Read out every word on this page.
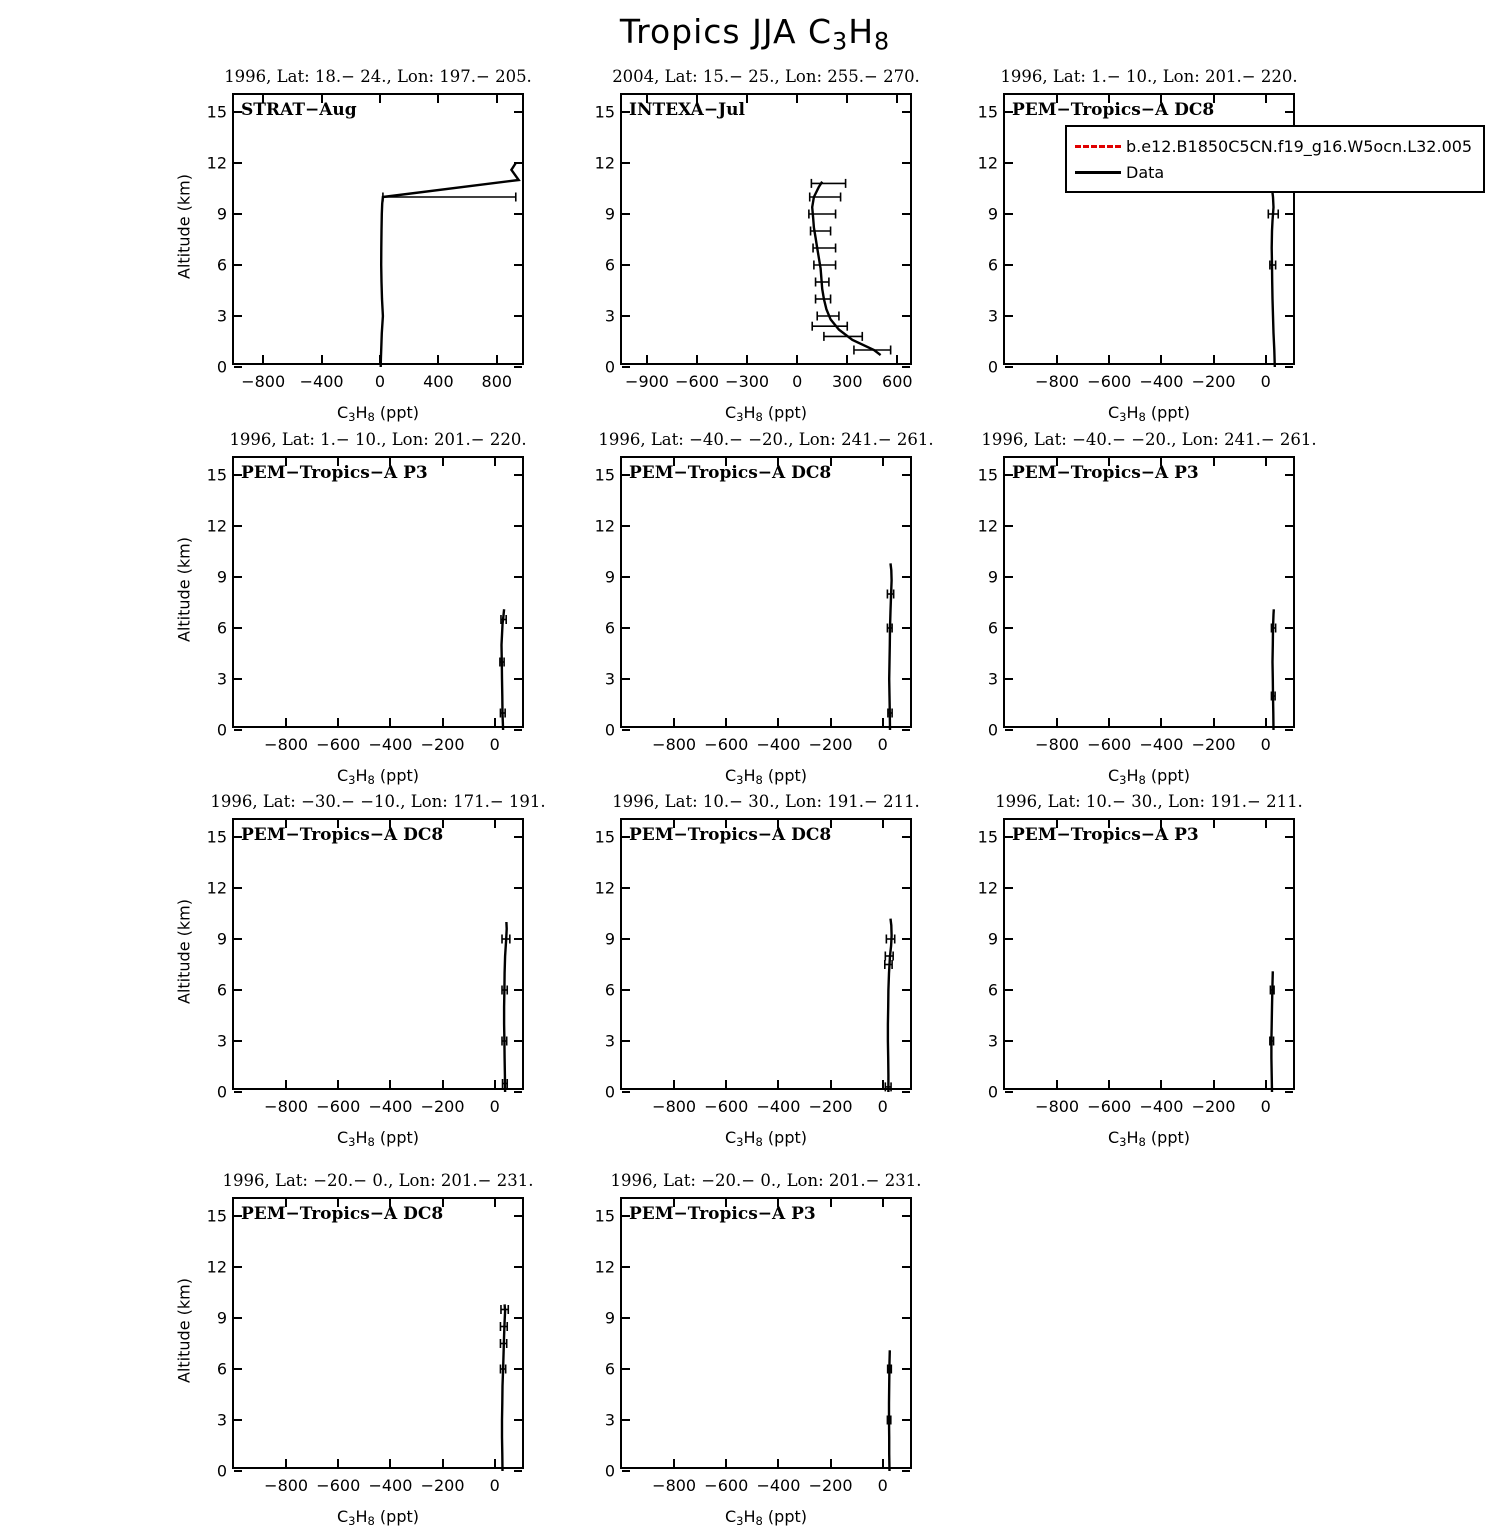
Tropics JJA $C_3H_8$
1996, Lat: 18.− 24., Lon: 197.− 205.
STRAT−Aug
0
3
6
9
12
15
−800 −400 0 400 800
Altitude (km)
$C_3H_8$ (ppt)
2004, Lat: 15.− 25., Lon: 255.− 270.
INTEXA−Jul
0
3
6
9
12
15
−900 −600 −300 0 300 600
$C_3H_8$ (ppt)
1996, Lat: 1.− 10., Lon: 201.− 220.
PEM−Tropics−A DC8
0
3
6
9
12
15
−800 −600 −400 −200 0
$C_3H_8$ (ppt)
b.e12.B1850C5CN.f19_g16.W5ocn.L32.005
Data
1996, Lat: 1.− 10., Lon: 201.− 220.
PEM−Tropics−A P3
0
3
6
9
12
15
−800 −600 −400 −200 0
Altitude (km)
$C_3H_8$ (ppt)
1996, Lat: −40.− −20., Lon: 241.− 261.
PEM−Tropics−A DC8
0
3
6
9
12
15
−800 −600 −400 −200 0
$C_3H_8$ (ppt)
1996, Lat: −40.− −20., Lon: 241.− 261.
PEM−Tropics−A P3
0
3
6
9
12
15
−800 −600 −400 −200 0
$C_3H_8$ (ppt)
1996, Lat: −30.− −10., Lon: 171.− 191.
PEM−Tropics−A DC8
0
3
6
9
12
15
−800 −600 −400 −200 0
Altitude (km)
$C_3H_8$ (ppt)
1996, Lat: 10.− 30., Lon: 191.− 211.
PEM−Tropics−A DC8
0
3
6
9
12
15
−800 −600 −400 −200 0
$C_3H_8$ (ppt)
1996, Lat: 10.− 30., Lon: 191.− 211.
PEM−Tropics−A P3
0
3
6
9
12
15
−800 −600 −400 −200 0
$C_3H_8$ (ppt)
1996, Lat: −20.− 0., Lon: 201.− 231.
PEM−Tropics−A DC8
0
3
6
9
12
15
−800 −600 −400 −200 0
Altitude (km)
$C_3H_8$ (ppt)
1996, Lat: −20.− 0., Lon: 201.− 231.
PEM−Tropics−A P3
0
3
6
9
12
15
−800 −600 −400 −200 0
$C_3H_8$ (ppt)
